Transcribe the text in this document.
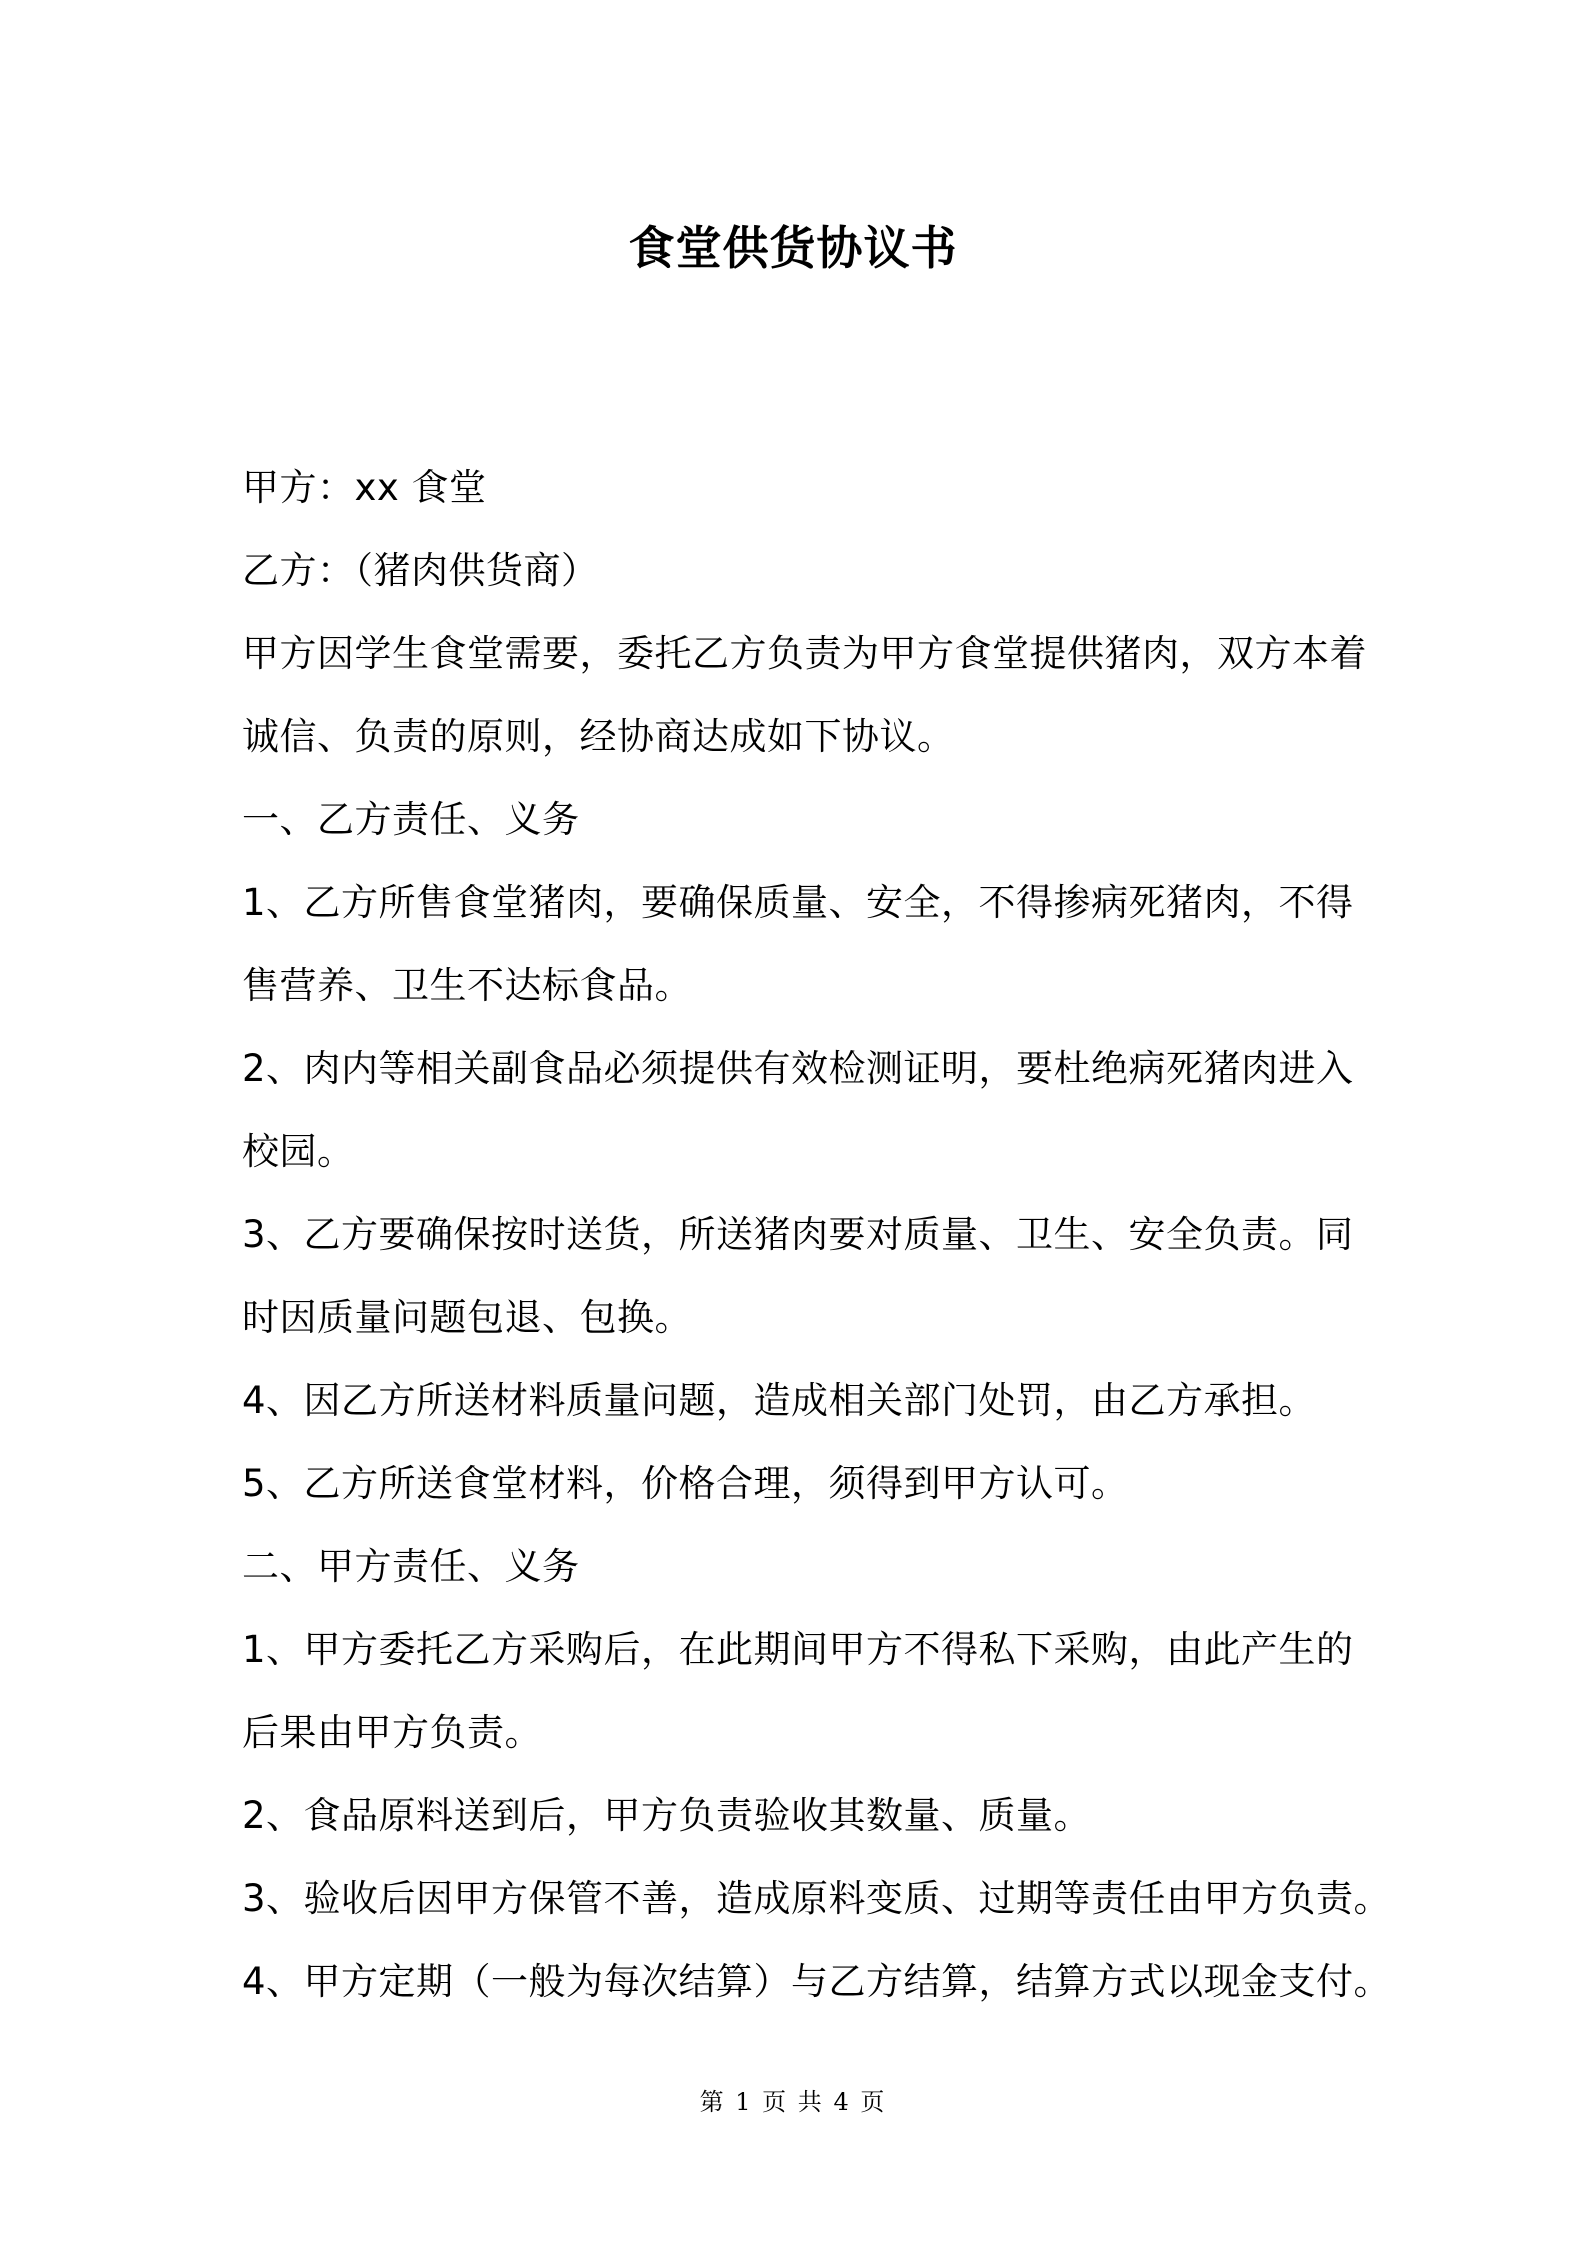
食堂供货协议书
甲方：xx 食堂
乙方：（猪肉供货商）
甲方因学生食堂需要，委托乙方负责为甲方食堂提供猪肉，双方本着
诚信、负责的原则，经协商达成如下协议。
一、乙方责任、义务
1、乙方所售食堂猪肉，要确保质量、安全，不得掺病死猪肉，不得
售营养、卫生不达标食品。
2、肉内等相关副食品必须提供有效检测证明，要杜绝病死猪肉进入
校园。
3、乙方要确保按时送货，所送猪肉要对质量、卫生、安全负责。同
时因质量问题包退、包换。
4、因乙方所送材料质量问题，造成相关部门处罚，由乙方承担。
5、乙方所送食堂材料，价格合理，须得到甲方认可。
二、甲方责任、义务
1、甲方委托乙方采购后，在此期间甲方不得私下采购，由此产生的
后果由甲方负责。
2、食品原料送到后，甲方负责验收其数量、质量。
3、验收后因甲方保管不善，造成原料变质、过期等责任由甲方负责。
4、甲方定期（一般为每次结算）与乙方结算，结算方式以现金支付。
第 1 页 共 4 页
